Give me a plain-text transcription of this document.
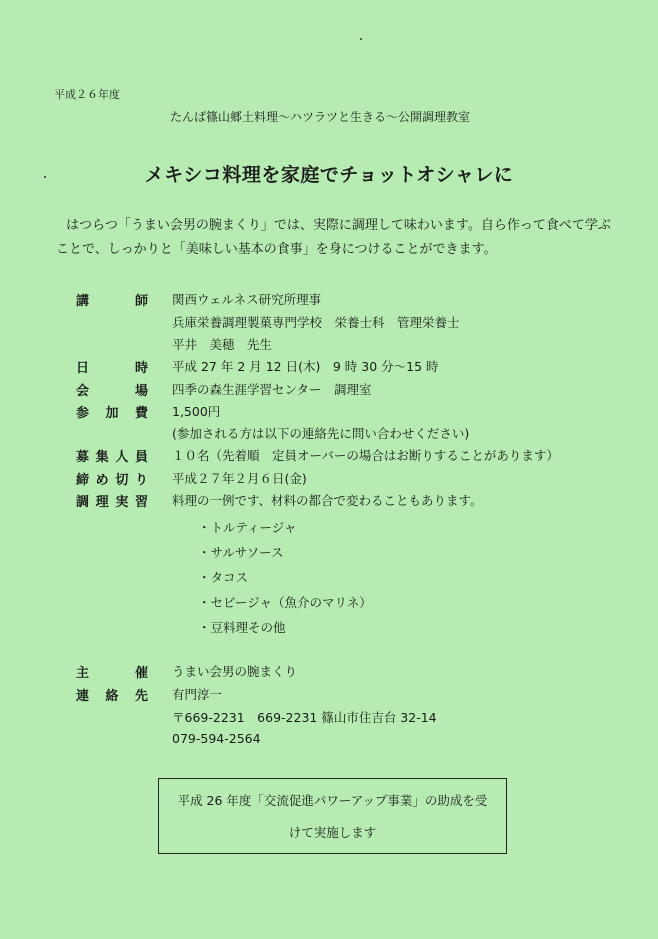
平成２６年度
たんば篠山郷土料理～ハツラツと生きる～公開調理教室
メキシコ料理を家庭でチョットオシャレに
はつらつ「うまい会男の腕まくり」では、実際に調理して味わいます。自ら作って食べて学ぶことで、しっかりと「美味しい基本の食事」を身につけることができます。
講　師 関西ウェルネス研究所理事
兵庫栄養調理製菓専門学校　栄養士科　管理栄養士
平井　美穂　先生
日　時 平成 27 年 2 月 12 日(木)　9 時 30 分～15 時
会　場 四季の森生涯学習センター　調理室
参加費 1,500円
(参加される方は以下の連絡先に問い合わせください)
募集人員 １０名（先着順　定員オーバーの場合はお断りすることがあります）
締め切り 平成２７年２月６日(金)
調理実習 料理の一例です、材料の都合で変わることもあります。
・トルティージャ
・サルサソース
・タコス
・セビージャ（魚介のマリネ）
・豆料理その他
主　催 うまい会男の腕まくり
連絡先 有門淳一
〒669-2231　669-2231 篠山市住吉台 32-14
079-594-2564
平成 26 年度「交流促進パワーアップ事業」の助成を受
けて実施します
